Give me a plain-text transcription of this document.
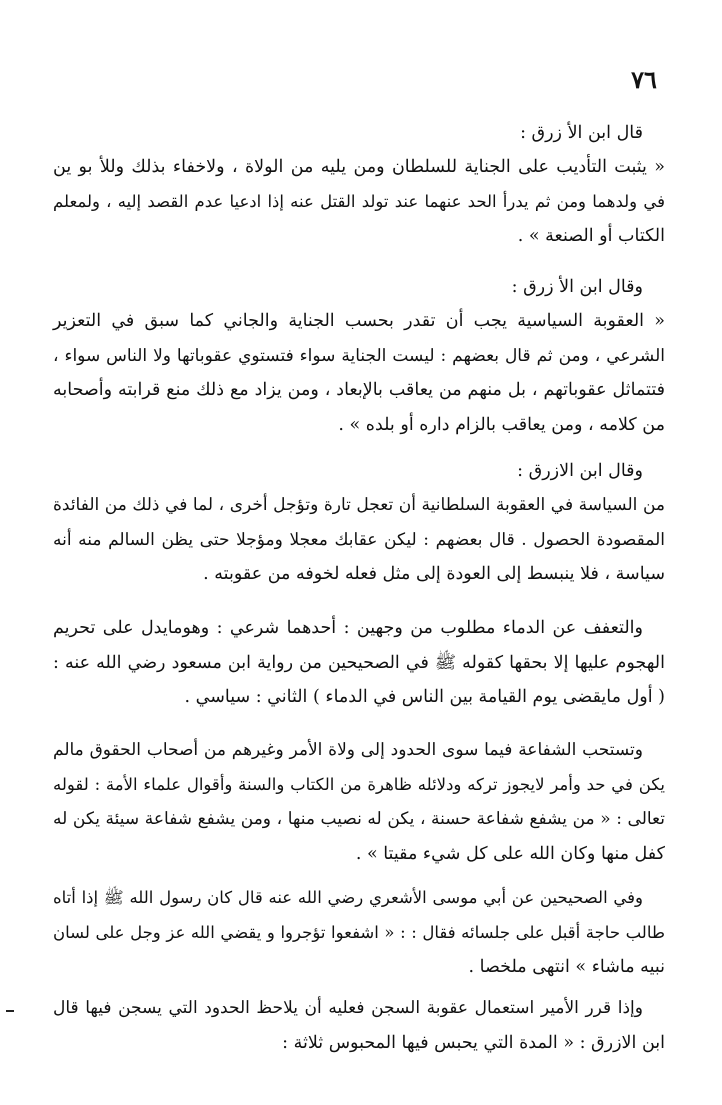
٧٦
قال ابن الأ زرق :
« يثبت التأديب على الجناية للسلطان ومن يليه من الولاة ، ولاخفاء بذلك وللأ بو ين
في ولدهما ومن ثم يدرأ الحد عنهما عند تولد القتل عنه إذا ادعيا عدم القصد إليه ، ولمعلم
الكتاب أو الصنعة » .
وقال ابن الأ زرق :
« العقوبة السياسية يجب أن تقدر بحسب الجناية والجاني كما سبق في التعزير
الشرعي ، ومن ثم قال بعضهم : ليست الجناية سواء فتستوي عقوباتها ولا الناس سواء ،
فتتماثل عقوباتهم ، بل منهم من يعاقب بالإبعاد ، ومن يزاد مع ذلك منع قرابته وأصحابه
من كلامه ، ومن يعاقب بالزام داره أو بلده » .
وقال ابن الازرق :
من السياسة في العقوبة السلطانية أن تعجل تارة وتؤجل أخرى ، لما في ذلك من الفائدة
المقصودة الحصول . قال بعضهم : ليكن عقابك معجلا ومؤجلا حتى يظن السالم منه أنه
سياسة ، فلا ينبسط إلى العودة إلى مثل فعله لخوفه من عقوبته .
والتعفف عن الدماء مطلوب من وجهين : أحدهما شرعي : وهومايدل على تحريم
الهجوم عليها إلا بحقها كقوله ﷺ في الصحيحين من رواية ابن مسعود رضي الله عنه :
( أول مايقضى يوم القيامة بين الناس في الدماء ) الثاني : سياسي .
وتستحب الشفاعة فيما سوى الحدود إلى ولاة الأمر وغيرهم من أصحاب الحقوق مالم
يكن في حد وأمر لايجوز تركه ودلائله ظاهرة من الكتاب والسنة وأقوال علماء الأمة : لقوله
تعالى : « من يشفع شفاعة حسنة ، يكن له نصيب منها ، ومن يشفع شفاعة سيئة يكن له
كفل منها وكان الله على كل شيء مقيتا » .
وفي الصحيحين عن أبي موسى الأشعري رضي الله عنه قال كان رسول الله ﷺ إذا أتاه
طالب حاجة أقبل على جلسائه فقال : : « اشفعوا تؤجروا و يقضي الله عز وجل على لسان
نبيه ماشاء » انتهى ملخصا .
وإذا قرر الأمير استعمال عقوبة السجن فعليه أن يلاحظ الحدود التي يسجن فيها قال
ابن الازرق : « المدة التي يحبس فيها المحبوس ثلاثة :
